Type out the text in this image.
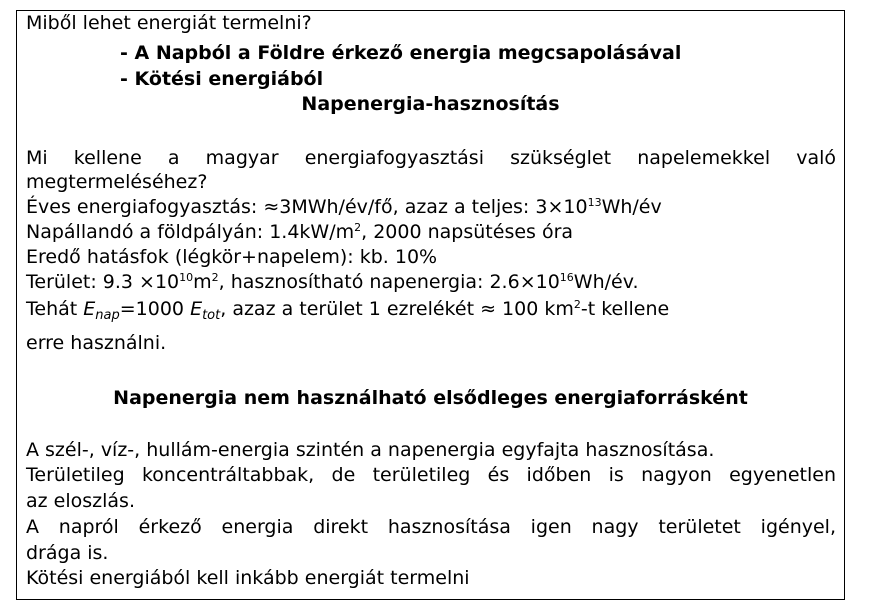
Miből lehet energiát termelni?
- A Napból a Földre érkező energia megcsapolásával
- Kötési energiából
Napenergia-hasznosítás
Mi kellene a magyar energiafogyasztási szükséglet napelemekkel való
megtermeléséhez?
Éves energiafogyasztás: ≈3MWh/év/fő, azaz a teljes: $3\times 10^{13}Wh/év$
Napállandó a földpályán: $1.4kW/m^2$, 2000 napsütéses óra
Eredő hatásfok (légkör+napelem): kb. 10%
Terület: $9.3 \times 10^{10}m^2$, hasznosítható napenergia: $2.6\times 10^{16}Wh/év$.
Tehát $E_{nap}=1000$ $E_{tot}$, azaz a terület 1 ezrelékét ≈ 100 $km^2-t$ kellene
erre használni.
Napenergia nem használható elsődleges energiaforrásként
A szél-, víz-, hullám-energia szintén a napenergia egyfajta hasznosítása.
Területileg koncentráltabbak, de területileg és időben is nagyon egyenetlen
az eloszlás.
A napról érkező energia direkt hasznosítása igen nagy területet igényel,
drága is.
Kötési energiából kell inkább energiát termelni
